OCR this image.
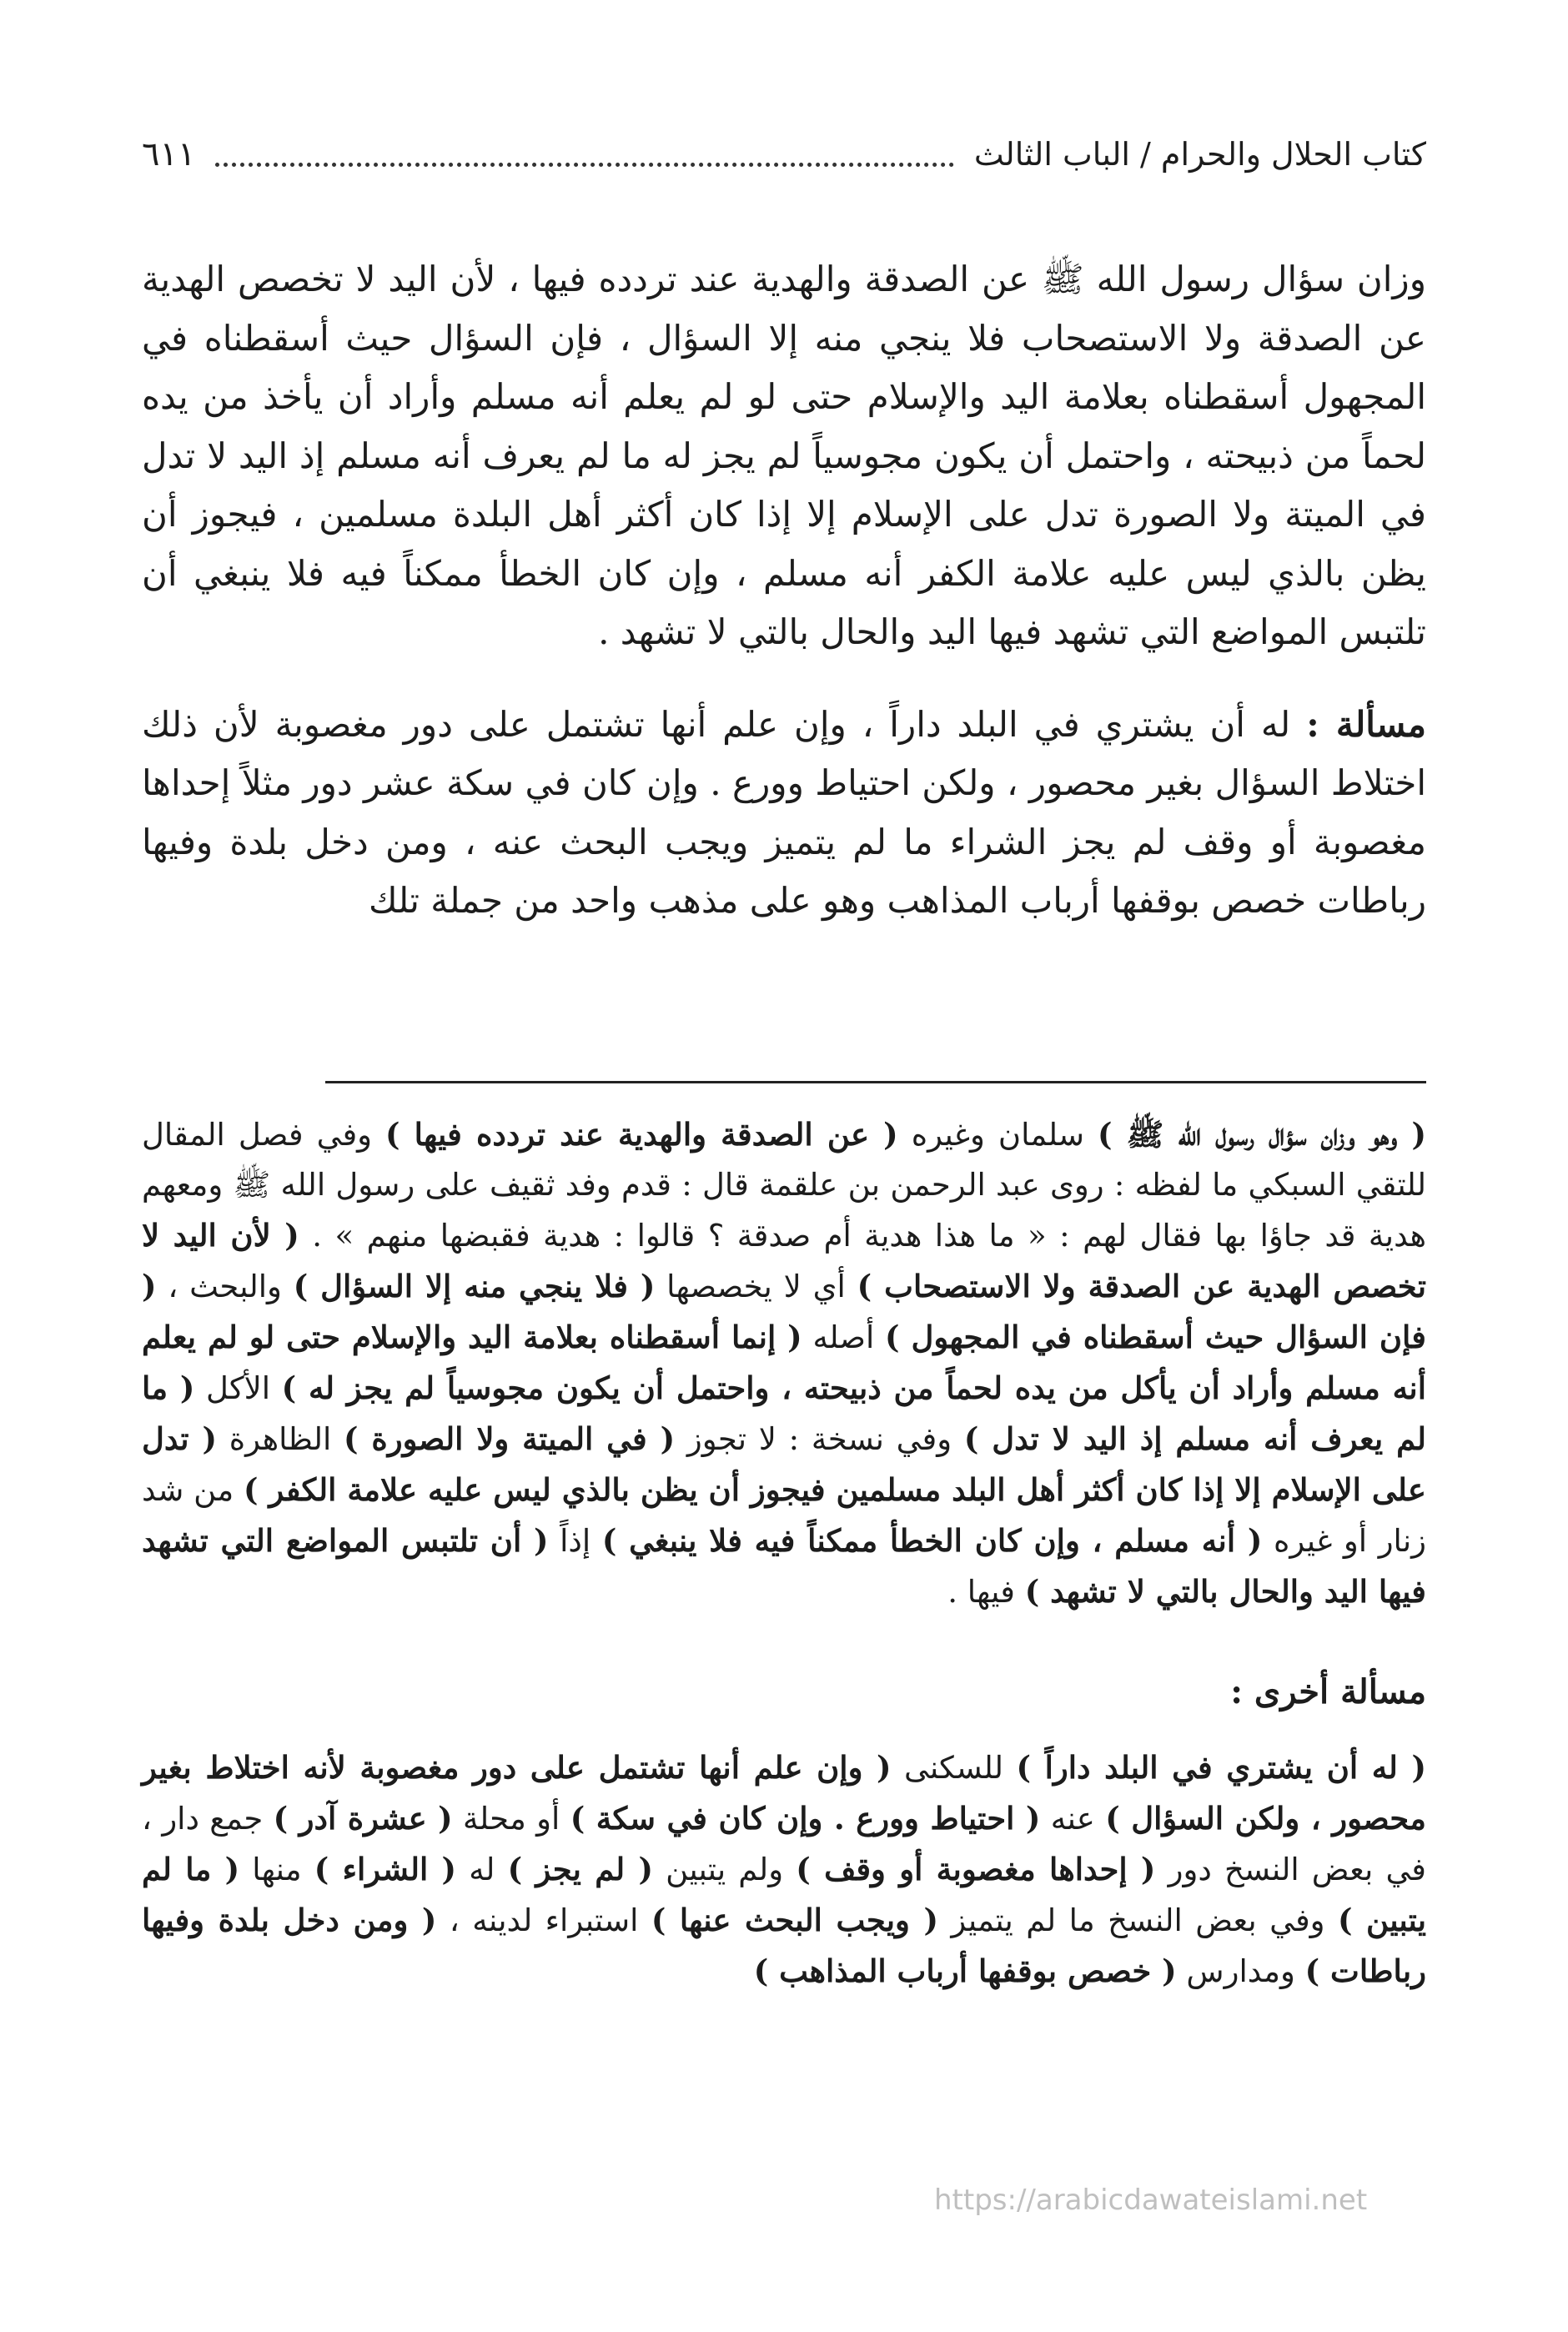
كتاب الحلال والحرام / الباب الثالث
٦١١

وزان سؤال رسول الله ﷺ عن الصدقة والهدية عند تردده فيها ، لأن اليد لا تخصص الهدية عن الصدقة ولا الاستصحاب فلا ينجي منه إلا السؤال ، فإن السؤال حيث أسقطناه في المجهول أسقطناه بعلامة اليد والإسلام حتى لو لم يعلم أنه مسلم وأراد أن يأخذ من يده لحماً من ذبيحته ، واحتمل أن يكون مجوسياً لم يجز له ما لم يعرف أنه مسلم إذ اليد لا تدل في الميتة ولا الصورة تدل على الإسلام إلا إذا كان أكثر أهل البلدة مسلمين ، فيجوز أن يظن بالذي ليس عليه علامة الكفر أنه مسلم ، وإن كان الخطأ ممكناً فيه فلا ينبغي أن تلتبس المواضع التي تشهد فيها اليد والحال بالتي لا تشهد .

مسألة : له أن يشتري في البلد داراً ، وإن علم أنها تشتمل على دور مغصوبة لأن ذلك اختلاط السؤال بغير محصور ، ولكن احتياط وورع . وإن كان في سكة عشر دور مثلاً إحداها مغصوبة أو وقف لم يجز الشراء ما لم يتميز ويجب البحث عنه ، ومن دخل بلدة وفيها رباطات خصص بوقفها أرباب المذاهب وهو على مذهب واحد من جملة تلك

( وهو وزان سؤال رسول الله ﷺ ) سلمان وغيره ( عن الصدقة والهدية عند تردده فيها ) وفي فصل المقال للتقي السبكي ما لفظه : روى عبد الرحمن بن علقمة قال : قدم وفد ثقيف على رسول الله ﷺ ومعهم هدية قد جاؤا بها فقال لهم : « ما هذا هدية أم صدقة ؟ قالوا : هدية فقبضها منهم » . ( لأن اليد لا تخصص الهدية عن الصدقة ولا الاستصحاب ) أي لا يخصصها ( فلا ينجي منه إلا السؤال ) والبحث ، ( فإن السؤال حيث أسقطناه في المجهول ) أصله ( إنما أسقطناه بعلامة اليد والإسلام حتى لو لم يعلم أنه مسلم وأراد أن يأكل من يده لحماً من ذبيحته ، واحتمل أن يكون مجوسياً لم يجز له ) الأكل ( ما لم يعرف أنه مسلم إذ اليد لا تدل ) وفي نسخة : لا تجوز ( في الميتة ولا الصورة ) الظاهرة ( تدل على الإسلام إلا إذا كان أكثر أهل البلد مسلمين فيجوز أن يظن بالذي ليس عليه علامة الكفر ) من شد زنار أو غيره ( أنه مسلم ، وإن كان الخطأ ممكناً فيه فلا ينبغي ) إذاً ( أن تلتبس المواضع التي تشهد فيها اليد والحال بالتي لا تشهد ) فيها .

مسألة أخرى :

( له أن يشتري في البلد داراً ) للسكنى ( وإن علم أنها تشتمل على دور مغصوبة لأنه اختلاط بغير محصور ، ولكن السؤال ) عنه ( احتياط وورع . وإن كان في سكة ) أو محلة ( عشرة آدر ) جمع دار ، في بعض النسخ دور ( إحداها مغصوبة أو وقف ) ولم يتبين ( لم يجز ) له ( الشراء ) منها ( ما لم يتبين ) وفي بعض النسخ ما لم يتميز ( ويجب البحث عنها ) استبراء لدينه ، ( ومن دخل بلدة وفيها رباطات ) ومدارس ( خصص بوقفها أرباب المذاهب )

https://arabicdawateislami.net
